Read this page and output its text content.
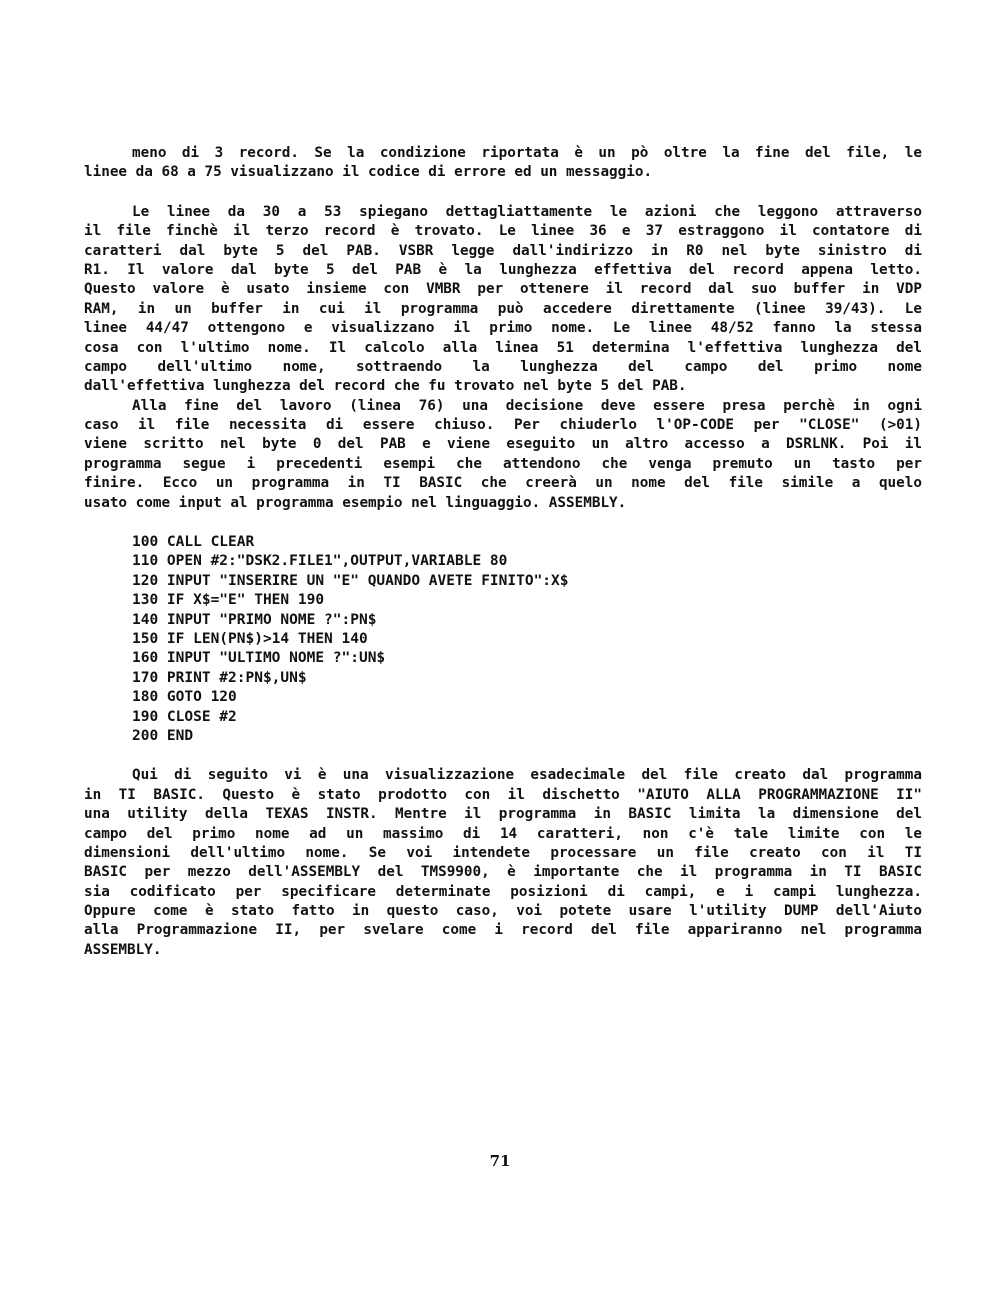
meno di 3 record. Se la condizione riportata è un pò oltre la fine del file, le
linee da 68 a 75 visualizzano il codice di errore ed un messaggio.
Le linee da 30 a 53 spiegano dettagliattamente le azioni che leggono attraverso
il file finchè il terzo record è trovato. Le linee 36 e 37 estraggono il contatore di
caratteri dal byte 5 del PAB. VSBR legge dall'indirizzo in R0 nel byte sinistro di
R1. Il valore dal byte 5 del PAB è la lunghezza effettiva del record appena letto.
Questo valore è usato insieme con VMBR per ottenere il record dal suo buffer in VDP
RAM, in un buffer in cui il programma può accedere direttamente (linee 39/43). Le
linee 44/47 ottengono e visualizzano il primo nome. Le linee 48/52 fanno la stessa
cosa con l'ultimo nome. Il calcolo alla linea 51 determina l'effettiva lunghezza del
campo dell'ultimo nome, sottraendo la lunghezza del campo del primo nome
dall'effettiva lunghezza del record che fu trovato nel byte 5 del PAB.
Alla fine del lavoro (linea 76) una decisione deve essere presa perchè in ogni
caso il file necessita di essere chiuso. Per chiuderlo l'OP-CODE per "CLOSE" (>01)
viene scritto nel byte 0 del PAB e viene eseguito un altro accesso a DSRLNK. Poi il
programma segue i precedenti esempi che attendono che venga premuto un tasto per
finire. Ecco un programma in TI BASIC che creerà un nome del file simile a quelo
usato come input al programma esempio nel linguaggio. ASSEMBLY.
100 CALL CLEAR
110 OPEN #2:"DSK2.FILE1",OUTPUT,VARIABLE 80
120 INPUT "INSERIRE UN "E" QUANDO AVETE FINITO":X$
130 IF X$="E" THEN 190
140 INPUT "PRIMO NOME ?":PN$
150 IF LEN(PN$)>14 THEN 140
160 INPUT "ULTIMO NOME ?":UN$
170 PRINT #2:PN$,UN$
180 GOTO 120
190 CLOSE #2
200 END
Qui di seguito vi è una visualizzazione esadecimale del file creato dal programma
in TI BASIC. Questo è stato prodotto con il dischetto "AIUTO ALLA PROGRAMMAZIONE II"
una utility della TEXAS INSTR. Mentre il programma in BASIC limita la dimensione del
campo del primo nome ad un massimo di 14 caratteri, non c'è tale limite con le
dimensioni dell'ultimo nome. Se voi intendete processare un file creato con il TI
BASIC per mezzo dell'ASSEMBLY del TMS9900, è importante che il programma in TI BASIC
sia codificato per specificare determinate posizioni di campi, e i campi lunghezza.
Oppure come è stato fatto in questo caso, voi potete usare l'utility DUMP dell'Aiuto
alla Programmazione II, per svelare come i record del file appariranno nel programma
ASSEMBLY.
71
